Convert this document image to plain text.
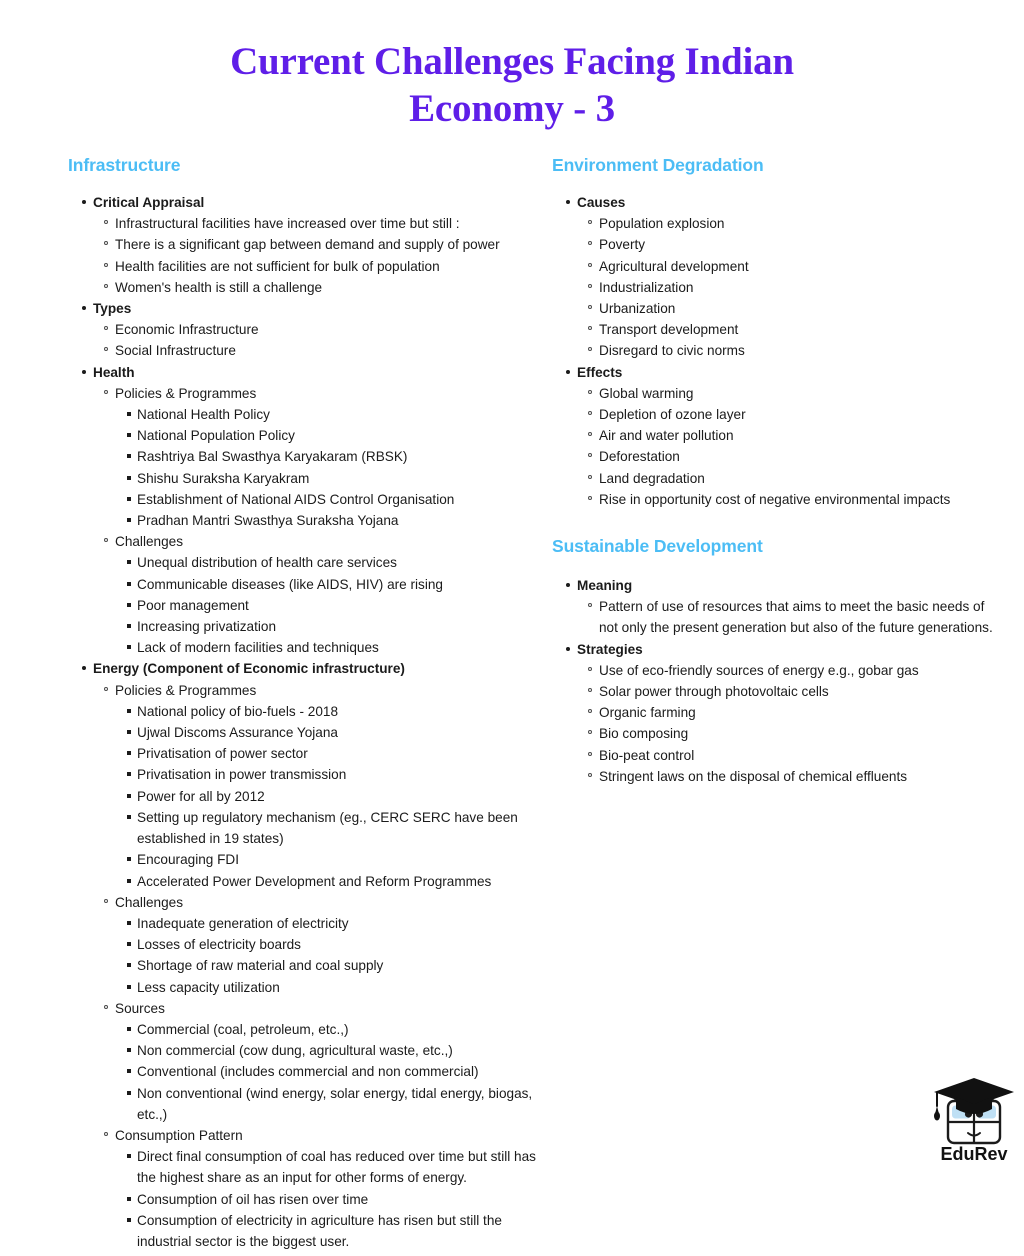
Current Challenges Facing Indian
Economy - 3
Infrastructure
Critical Appraisal
Infrastructural facilities have increased over time but still :
There is a significant gap between demand and supply of power
Health facilities are not sufficient for bulk of population
Women's health is still a challenge
Types
Economic Infrastructure
Social Infrastructure
Health
Policies & Programmes
National Health Policy
National Population Policy
Rashtriya Bal Swasthya Karyakaram (RBSK)
Shishu Suraksha Karyakram
Establishment of National AIDS Control Organisation
Pradhan Mantri Swasthya Suraksha Yojana
Challenges
Unequal distribution of health care services
Communicable diseases (like AIDS, HIV) are rising
Poor management
Increasing privatization
Lack of modern facilities and techniques
Energy (Component of Economic infrastructure)
Policies & Programmes
National policy of bio-fuels - 2018
Ujwal Discoms Assurance Yojana
Privatisation of power sector
Privatisation in power transmission
Power for all by 2012
Setting up regulatory mechanism (eg., CERC SERC have been established in 19 states)
Encouraging FDI
Accelerated Power Development and Reform Programmes
Challenges
Inadequate generation of electricity
Losses of electricity boards
Shortage of raw material and coal supply
Less capacity utilization
Sources
Commercial (coal, petroleum, etc.,)
Non commercial (cow dung, agricultural waste, etc.,)
Conventional (includes commercial and non commercial)
Non conventional (wind energy, solar energy, tidal energy, biogas, etc.,)
Consumption Pattern
Direct final consumption of coal has reduced over time but still has the highest share as an input for other forms of energy.
Consumption of oil has risen over time
Consumption of electricity in agriculture has risen but still the industrial sector is the biggest user.
Environment Degradation
Causes
Population explosion
Poverty
Agricultural development
Industrialization
Urbanization
Transport development
Disregard to civic norms
Effects
Global warming
Depletion of ozone layer
Air and water pollution
Deforestation
Land degradation
Rise in opportunity cost of negative environmental impacts
Sustainable Development
Meaning
Pattern of use of resources that aims to meet the basic needs of not only the present generation but also of the future generations.
Strategies
Use of eco-friendly sources of energy e.g., gobar gas
Solar power through photovoltaic cells
Organic farming
Bio composing
Bio-peat control
Stringent laws on the disposal of chemical effluents
EduRev
